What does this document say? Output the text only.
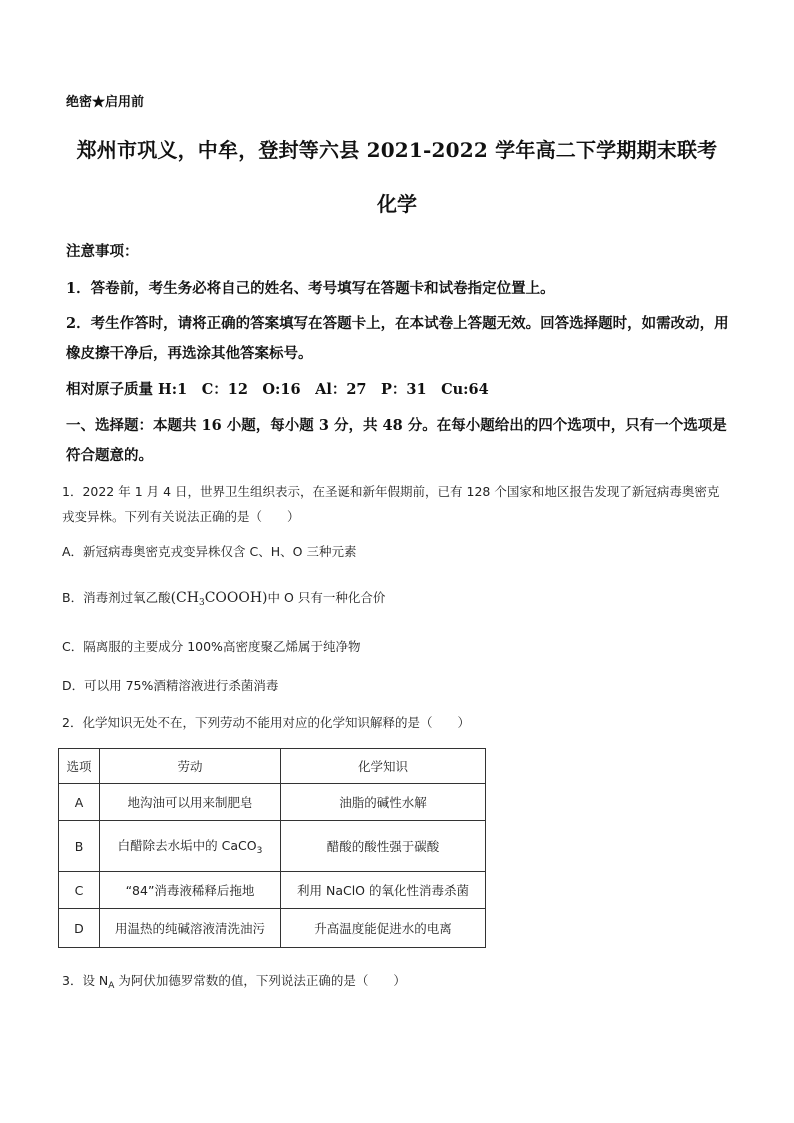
绝密★启用前
郑州市巩义，中牟，登封等六县 2021-2022 学年高二下学期期末联考
化学
注意事项：
1．答卷前，考生务必将自己的姓名、考号填写在答题卡和试卷指定位置上。
2．考生作答时，请将正确的答案填写在答题卡上，在本试卷上答题无效。回答选择题时，如需改动，用橡皮擦干净后，再选涂其他答案标号。
相对原子质量 H:1　C：12　O:16　Al：27　P：31　Cu:64
一、选择题：本题共 16 小题，每小题 3 分，共 48 分。在每小题给出的四个选项中，只有一个选项是符合题意的。
1．2022 年 1 月 4 日，世界卫生组织表示，在圣诞和新年假期前，已有 128 个国家和地区报告发现了新冠病毒奥密克戎变异株。下列有关说法正确的是（　　）
A．新冠病毒奥密克戎变异株仅含 C、H、O 三种元素
B．消毒剂过氧乙酸$(CH_3COOOH)$中 O 只有一种化合价
C．隔离服的主要成分 100%高密度聚乙烯属于纯净物
D．可以用 75%酒精溶液进行杀菌消毒
2．化学知识无处不在，下列劳动不能用对应的化学知识解释的是（　　）
选项	劳动	化学知识
A	地沟油可以用来制肥皂	油脂的碱性水解
B	白醋除去水垢中的 CaCO$_3$	醋酸的酸性强于碳酸
C	“84”消毒液稀释后拖地	利用 NaClO 的氧化性消毒杀菌
D	用温热的纯碱溶液清洗油污	升高温度能促进水的电离
3．设 $N_A$ 为阿伏加德罗常数的值，下列说法正确的是（　　）
